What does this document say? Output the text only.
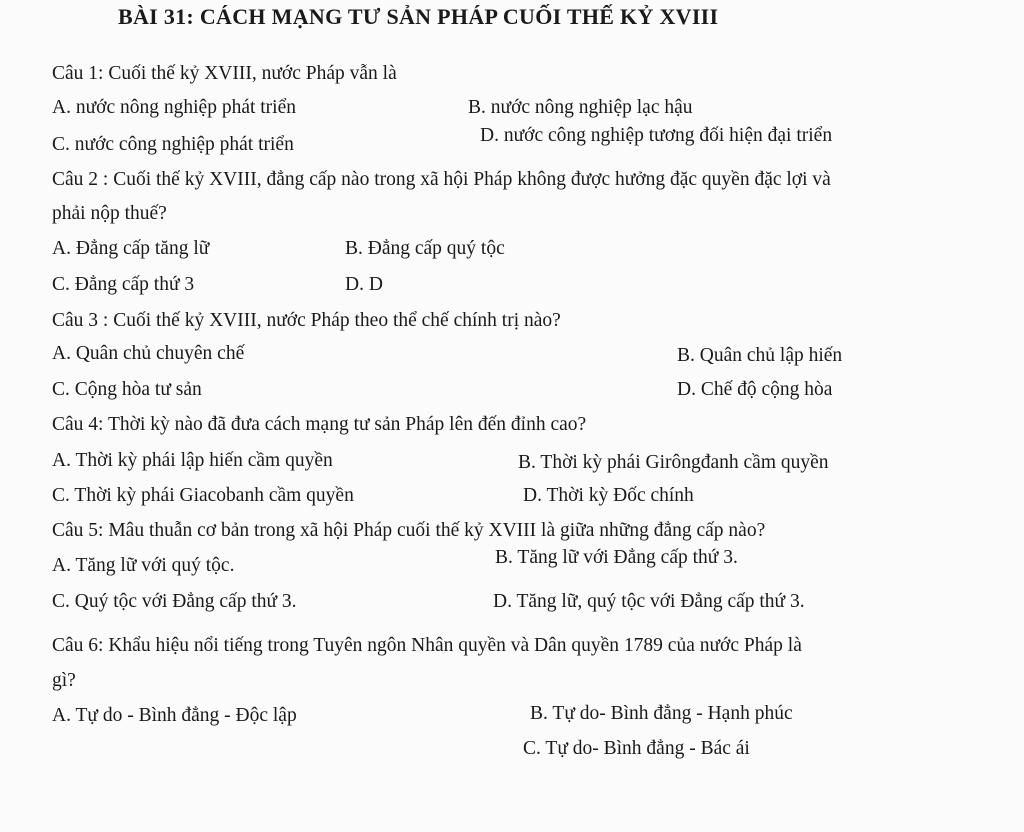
BÀI 31: CÁCH MẠNG TƯ SẢN PHÁP CUỐI THẾ KỶ XVIII
Câu 1: Cuối thế kỷ XVIII, nước Pháp vẫn là
A. nước nông nghiệp phát triển	B. nước nông nghiệp lạc hậu
C. nước công nghiệp phát triển	D. nước công nghiệp tương đối hiện đại triển
Câu 2 : Cuối thế kỷ XVIII, đẳng cấp nào trong xã hội Pháp không được hưởng đặc quyền đặc lợi và
phải nộp thuế?
A. Đẳng cấp tăng lữ	B. Đẳng cấp quý tộc
C. Đẳng cấp thứ 3	D. D
Câu 3 : Cuối thế kỷ XVIII, nước Pháp theo thể chế chính trị nào?
A. Quân chủ chuyên chế	B. Quân chủ lập hiến
C. Cộng hòa tư sản	D. Chế độ cộng hòa
Câu 4: Thời kỳ nào đã đưa cách mạng tư sản Pháp lên đến đỉnh cao?
A. Thời kỳ phái lập hiến cầm quyền	B. Thời kỳ phái Girôngđanh cầm quyền
C. Thời kỳ phái Giacobanh cầm quyền	D. Thời kỳ Đốc chính
Câu 5: Mâu thuẫn cơ bản trong xã hội Pháp cuối thế kỷ XVIII là giữa những đẳng cấp nào?
A. Tăng lữ với quý tộc.	B. Tăng lữ với Đẳng cấp thứ 3.
C. Quý tộc với Đẳng cấp thứ 3.	D. Tăng lữ, quý tộc với Đẳng cấp thứ 3.
Câu 6: Khẩu hiệu nổi tiếng trong Tuyên ngôn Nhân quyền và Dân quyền 1789 của nước Pháp là
gì?
A. Tự do - Bình đẳng - Độc lập	B. Tự do- Bình đẳng - Hạnh phúc
C. Tự do- Bình đẳng - Bác ái
